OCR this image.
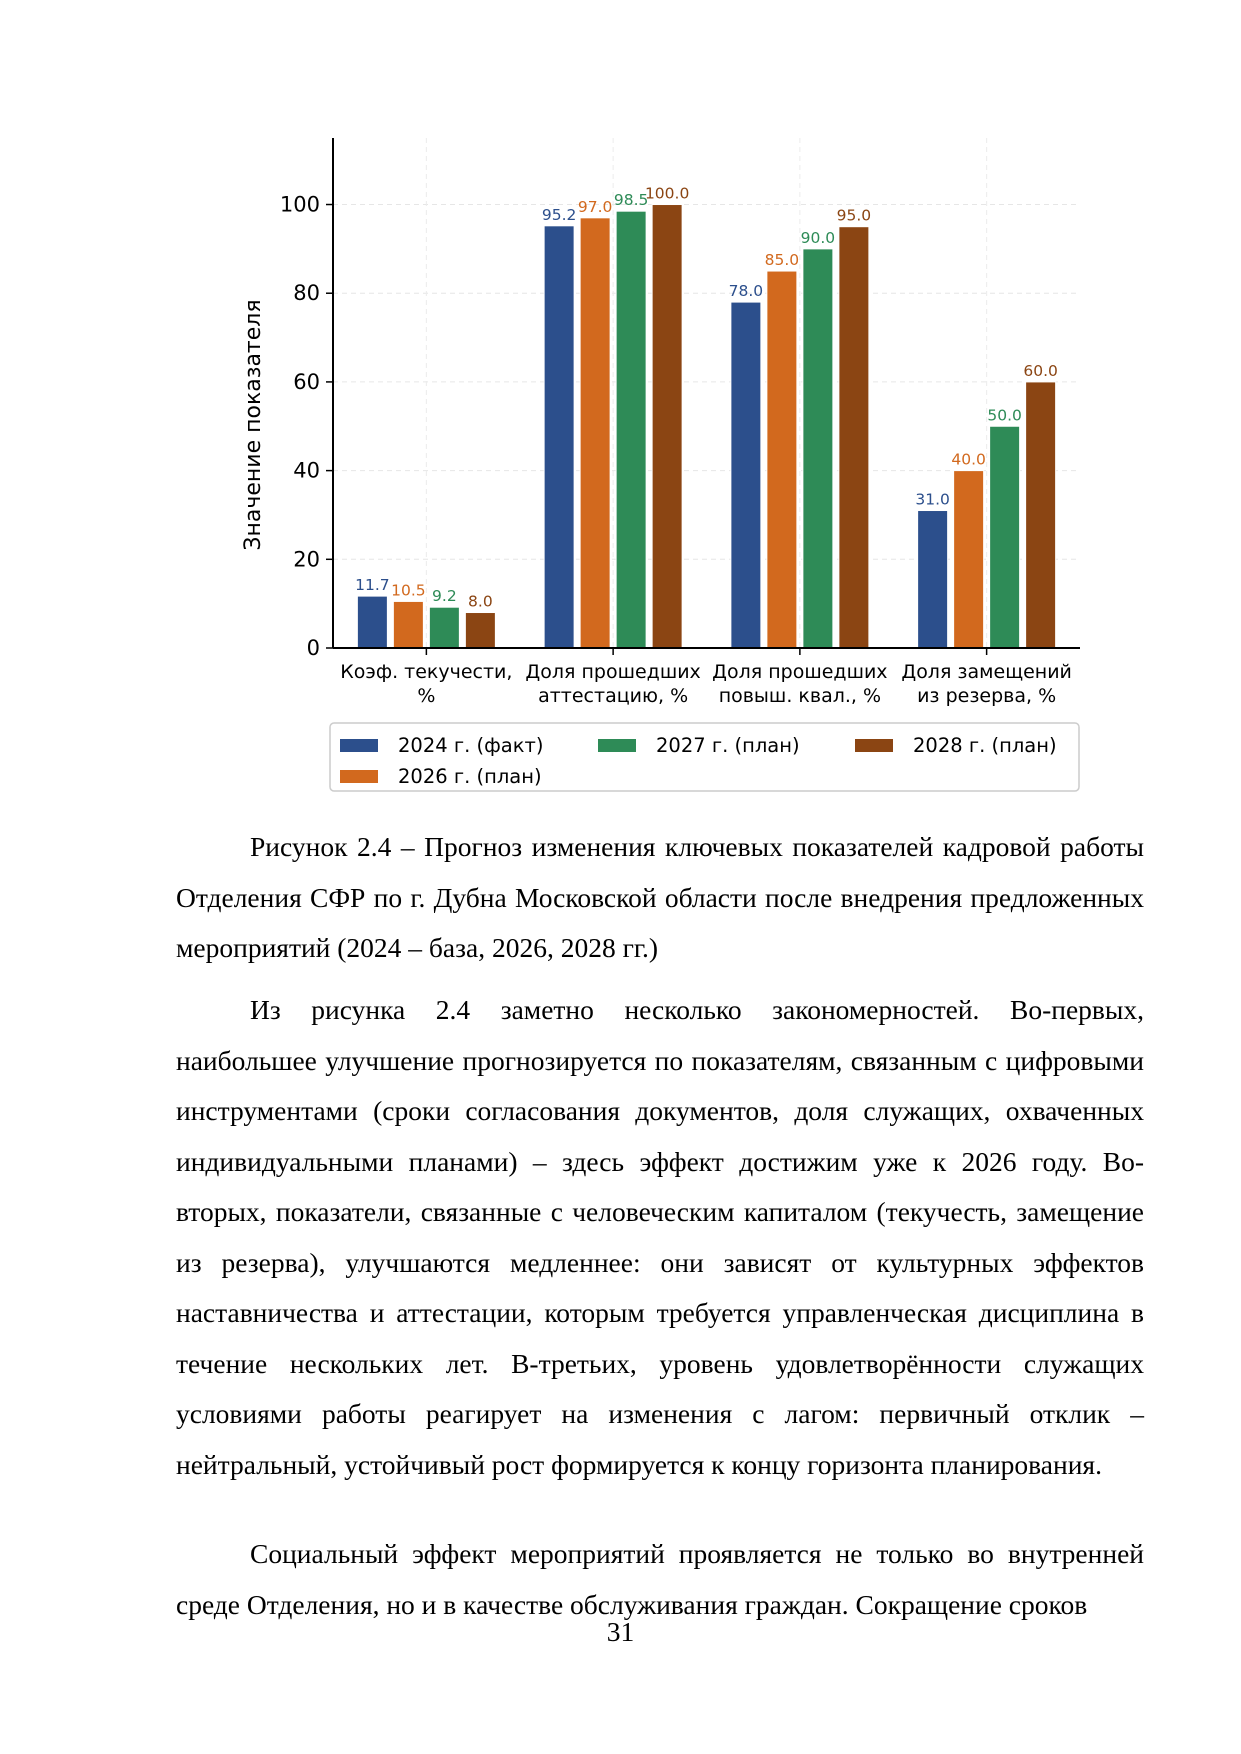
11.7
95.2
78.0
31.0
10.5
97.0
85.0
40.0
9.2
98.5
90.0
50.0
8.0
100.0
95.0
60.0
0
20
40
60
80
100
Коэф. текучести,
%
Доля прошедших
аттестацию, %
Доля прошедших
повыш. квал., %
Доля замещений
из резерва, %
Значение показателя
2024 г. (факт)	2027 г. (план)	2028 г. (план)
2026 г. (план)

Рисунок 2.4 – Прогноз изменения ключевых показателей кадровой работы Отделения СФР по г. Дубна Московской области после внедрения предложенных мероприятий (2024 – база, 2026, 2028 гг.)

Из рисунка 2.4 заметно несколько закономерностей. Во-первых, наибольшее улучшение прогнозируется по показателям, связанным с цифровыми инструментами (сроки согласования документов, доля служащих, охваченных индивидуальными планами) – здесь эффект достижим уже к 2026 году. Во-вторых, показатели, связанные с человеческим капиталом (текучесть, замещение из резерва), улучшаются медленнее: они зависят от культурных эффектов наставничества и аттестации, которым требуется управленческая дисциплина в течение нескольких лет. В-третьих, уровень удовлетворённости служащих условиями работы реагирует на изменения с лагом: первичный отклик – нейтральный, устойчивый рост формируется к концу горизонта планирования.

Социальный эффект мероприятий проявляется не только во внутренней среде Отделения, но и в качестве обслуживания граждан. Сокращение сроков

31
